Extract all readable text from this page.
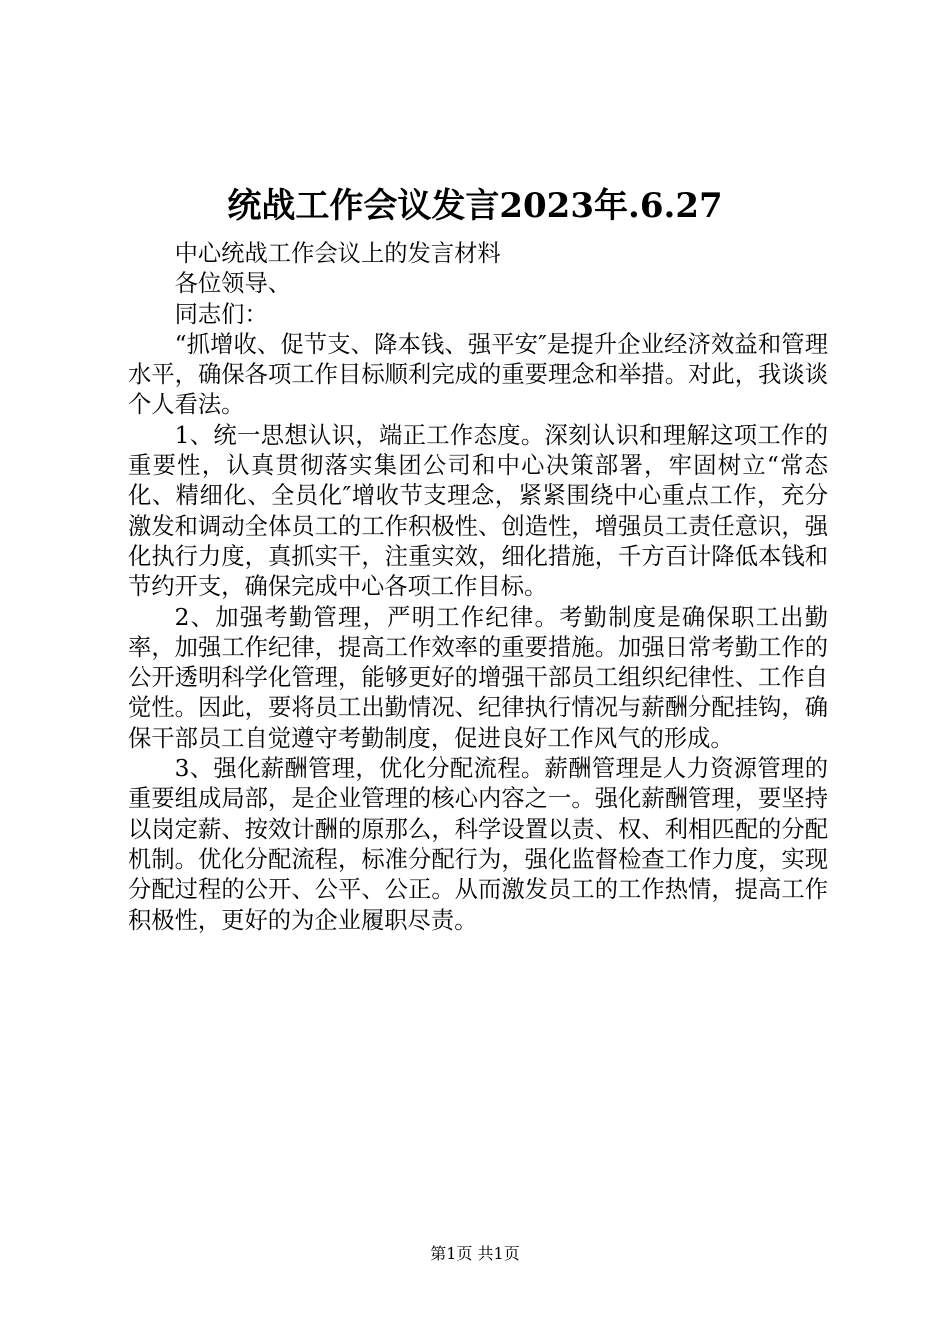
统战工作会议发言2023年.6.27

中心统战工作会议上的发言材料

各位领导、

同志们：

“抓增收、促节支、降本钱、强平安″是提升企业经济效益和管理水平，确保各项工作目标顺利完成的重要理念和举措。对此，我谈谈个人看法。

1、统一思想认识，端正工作态度。深刻认识和理解这项工作的重要性，认真贯彻落实集团公司和中心决策部署，牢固树立“常态化、精细化、全员化″增收节支理念，紧紧围绕中心重点工作，充分激发和调动全体员工的工作积极性、创造性，增强员工责任意识，强化执行力度，真抓实干，注重实效，细化措施，千方百计降低本钱和节约开支，确保完成中心各项工作目标。

2、加强考勤管理，严明工作纪律。考勤制度是确保职工出勤率，加强工作纪律，提高工作效率的重要措施。加强日常考勤工作的公开透明科学化管理，能够更好的增强干部员工组织纪律性、工作自觉性。因此，要将员工出勤情况、纪律执行情况与薪酬分配挂钩，确保干部员工自觉遵守考勤制度，促进良好工作风气的形成。

3、强化薪酬管理，优化分配流程。薪酬管理是人力资源管理的重要组成局部，是企业管理的核心内容之一。强化薪酬管理，要坚持以岗定薪、按效计酬的原那么，科学设置以责、权、利相匹配的分配机制。优化分配流程，标准分配行为，强化监督检查工作力度，实现分配过程的公开、公平、公正。从而激发员工的工作热情，提高工作积极性，更好的为企业履职尽责。

第1页 共1页
